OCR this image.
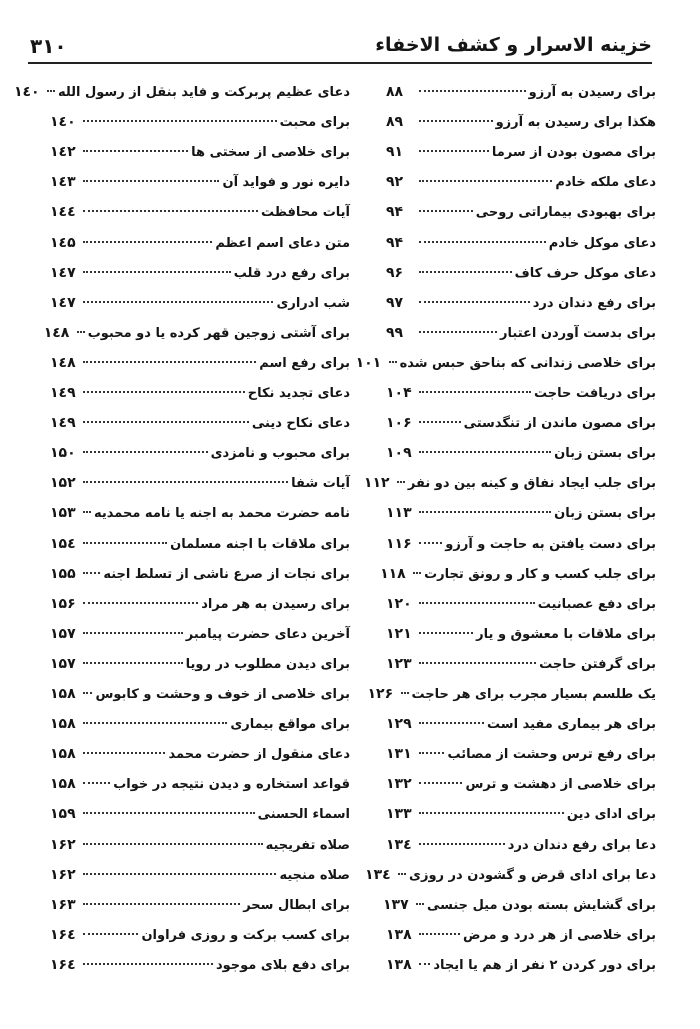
خزینه الاسرار و کشف الاخفاء
۳۱۰
برای رسیدن به آرزو
۸۸
هکذا برای رسیدن به آرزو
۸۹
برای مصون بودن از سرما
۹۱
دعای ملکه خادم
۹۲
برای بهبودی بیماراتی روحی
۹۴
دعای موکل خادم
۹۴
دعای موکل حرف کاف
۹۶
برای رفع دندان درد
۹۷
برای بدست آوردن اعتبار
۹۹
برای خلاصی زندانی که بناحق حبس شده
۱۰۱
برای دریافت حاجت
۱۰۴
برای مصون ماندن از تنگدستی
۱۰۶
برای بستن زبان
۱۰۹
برای جلب ایجاد نفاق و کینه بین دو نفر
۱۱۲
برای بستن زبان
۱۱۳
برای دست یافتن به حاجت و آرزو
۱۱۶
برای جلب کسب و کار و رونق تجارت
۱۱۸
برای دفع عصبانیت
۱۲۰
برای ملاقات با معشوق و یار
۱۲۱
برای گرفتن حاجت
۱۲۳
یک طلسم بسیار مجرب برای هر حاجت
۱۲۶
برای هر بیماری مفید است
۱۲۹
برای رفع ترس وحشت از مصائب
۱۳۱
برای خلاصی از دهشت و ترس
۱۳۲
برای ادای دین
۱۳۳
دعا برای رفع دندان درد
۱۳٤
دعا برای ادای قرض و گشودن در روزی
۱۳٤
برای گشایش بسته بودن میل جنسی
۱۳۷
برای خلاصی از هر درد و مرض
۱۳۸
برای دور کردن ۲ نفر از هم یا ایجاد
۱۳۸
دعای عظیم پربرکت و فاید بنقل از رسول الله
۱٤۰
برای محبت
۱٤۰
برای خلاصی از سختی ها
۱٤۲
دایره نور و فواید آن
۱٤۳
آیات محافظت
۱٤٤
متن دعای اسم اعظم
۱٤۵
برای رفع درد قلب
۱٤۷
شب ادراری
۱٤۷
برای آشتی زوجین قهر کرده یا دو محبوب
۱٤۸
برای رفع اسم
۱٤۸
دعای تجدید نکاح
۱٤۹
دعای نکاح دینی
۱٤۹
برای محبوب و نامزدی
۱۵۰
آیات شفا
۱۵۲
نامه حضرت محمد به اجنه یا نامه محمدیه
۱۵۳
برای ملاقات با اجنه مسلمان
۱۵٤
برای نجات از صرع ناشی از تسلط اجنه
۱۵۵
برای رسیدن به هر مراد
۱۵۶
آخرین دعای حضرت پیامبر
۱۵۷
برای دیدن مطلوب در رویا
۱۵۷
برای خلاصی از خوف و وحشت و کابوس
۱۵۸
برای مواقع بیماری
۱۵۸
دعای منقول از حضرت محمد
۱۵۸
قواعد استخاره و دیدن نتیجه در خواب
۱۵۸
اسماء الحسنی
۱۵۹
صلاه تفریجیه
۱۶۲
صلاه منجیه
۱۶۲
برای ابطال سحر
۱۶۳
برای کسب برکت و روزی فراوان
۱۶٤
برای دفع بلای موجود
۱۶٤
